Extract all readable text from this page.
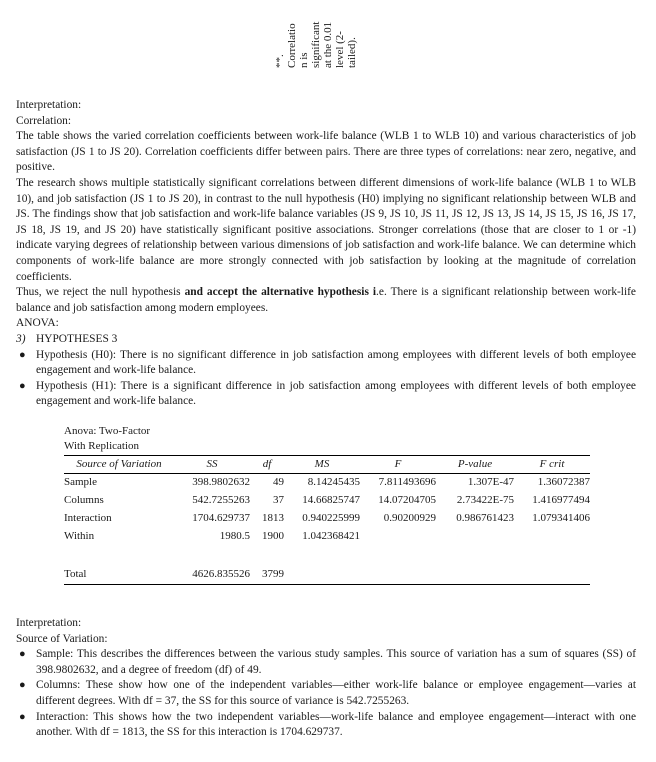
**. Correlatio n is significant at the 0.01 level (2- tailed).

Interpretation:

Correlation:

The table shows the varied correlation coefficients between work-life balance (WLB 1 to WLB 10) and various characteristics of job satisfaction (JS 1 to JS 20). Correlation coefficients differ between pairs. There are three types of correlations: near zero, negative, and positive.

The research shows multiple statistically significant correlations between different dimensions of work-life balance (WLB 1 to WLB 10), and job satisfaction (JS 1 to JS 20), in contrast to the null hypothesis (H0) implying no significant relationship between WLB and JS. The findings show that job satisfaction and work-life balance variables (JS 9, JS 10, JS 11, JS 12, JS 13, JS 14, JS 15, JS 16, JS 17, JS 18, JS 19, and JS 20) have statistically significant positive associations. Stronger correlations (those that are closer to 1 or -1) indicate varying degrees of relationship between various dimensions of job satisfaction and work-life balance. We can determine which components of work-life balance are more strongly connected with job satisfaction by looking at the magnitude of correlation coefficients.

Thus, we reject the null hypothesis and accept the alternative hypothesis i.e. There is a significant relationship between work-life balance and job satisfaction among modern employees.

ANOVA:

3) HYPOTHESES 3
● Hypothesis (H0): There is no significant difference in job satisfaction among employees with different levels of both employee engagement and work-life balance.
● Hypothesis (H1): There is a significant difference in job satisfaction among employees with different levels of both employee engagement and work-life balance.
Anova: Two-Factor
With Replication
Source of Variation	SS	df	MS	F	P-value	F crit
Sample	398.9802632	49	8.14245435	7.811493696	1.307E-47	1.36072387
Columns	542.7255263	37	14.66825747	14.07204705	2.73422E-75	1.416977494
Interaction	1704.629737	1813	0.940225999	0.90200929	0.986761423	1.079341406
Within	1980.5	1900	1.042368421			

Total	4626.835526	3799				

Interpretation:

Source of Variation:

● Sample: This describes the differences between the various study samples. This source of variation has a sum of squares (SS) of 398.9802632, and a degree of freedom (df) of 49.
● Columns: These show how one of the independent variables—either work-life balance or employee engagement—varies at different degrees. With df = 37, the SS for this source of variance is 542.7255263.
● Interaction: This shows how the two independent variables—work-life balance and employee engagement—interact with one another. With df = 1813, the SS for this interaction is 1704.629737.
